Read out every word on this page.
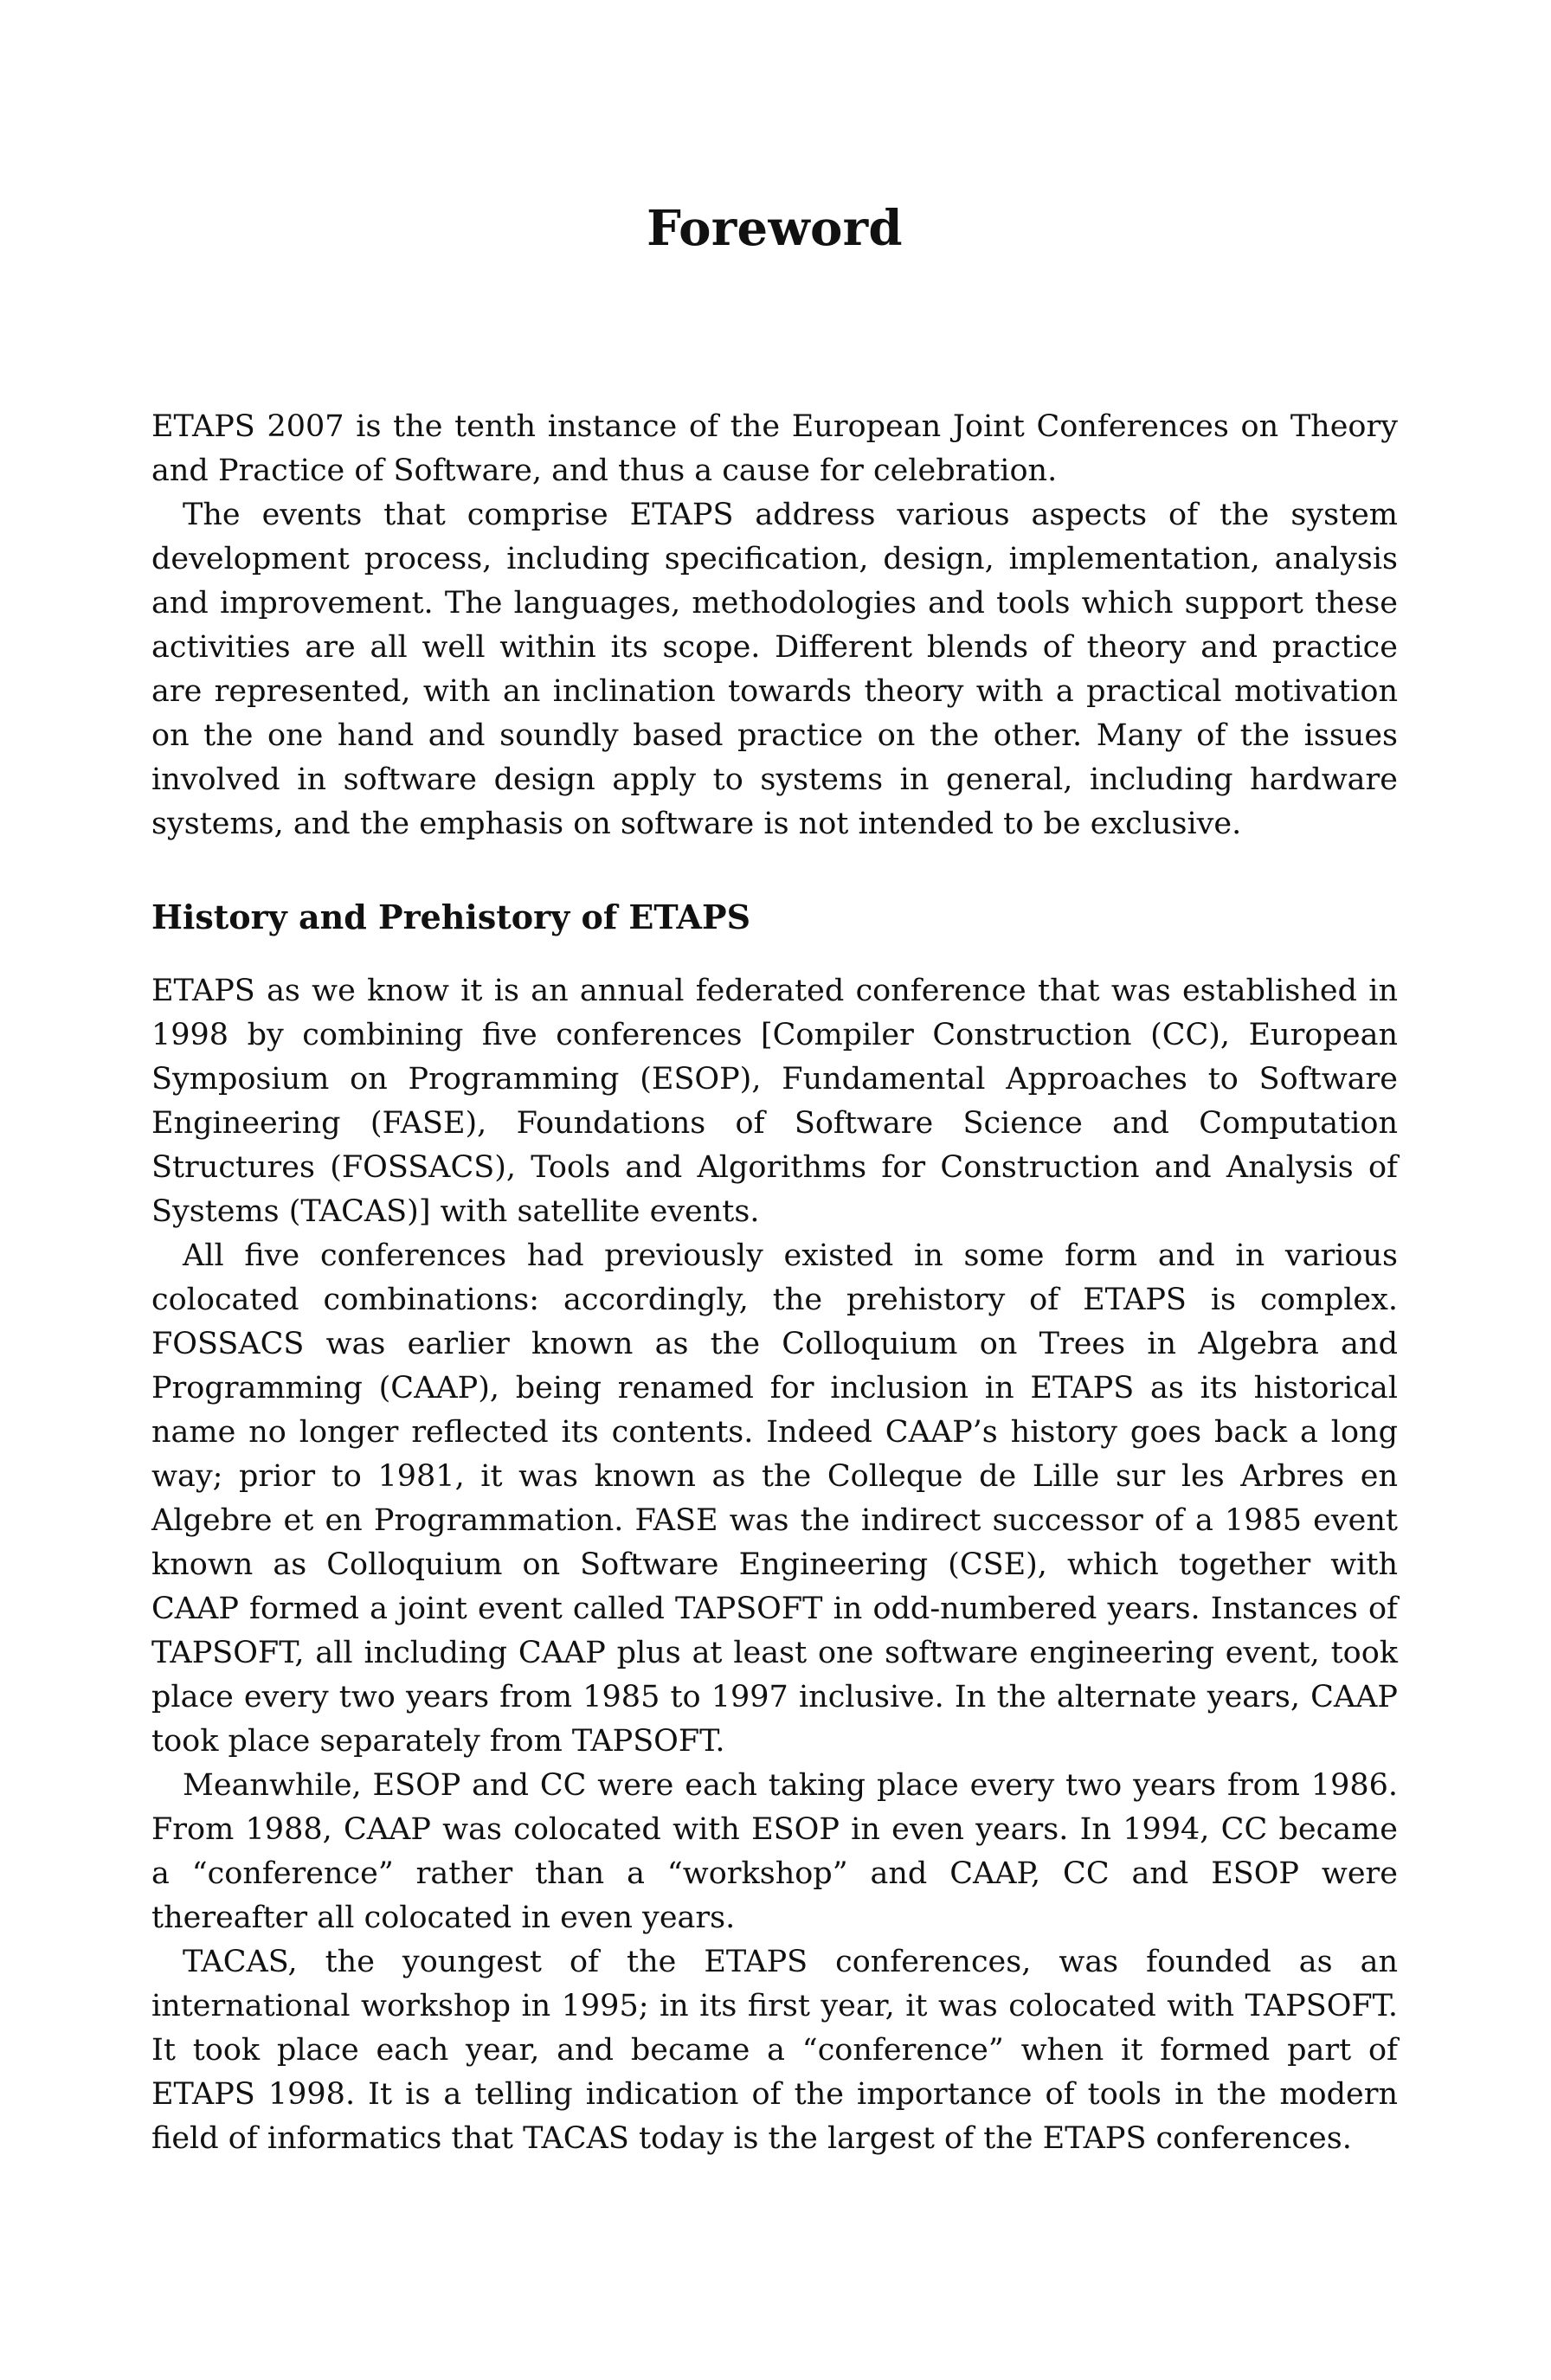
Foreword

ETAPS 2007 is the tenth instance of the European Joint Conferences on Theory and Practice of Software, and thus a cause for celebration.

The events that comprise ETAPS address various aspects of the system development process, including specification, design, implementation, analysis and improvement. The languages, methodologies and tools which support these activities are all well within its scope. Different blends of theory and practice are represented, with an inclination towards theory with a practical motivation on the one hand and soundly based practice on the other. Many of the issues involved in software design apply to systems in general, including hardware systems, and the emphasis on software is not intended to be exclusive.

History and Prehistory of ETAPS

ETAPS as we know it is an annual federated conference that was established in 1998 by combining five conferences [Compiler Construction (CC), European Symposium on Programming (ESOP), Fundamental Approaches to Software Engineering (FASE), Foundations of Software Science and Computation Structures (FOSSACS), Tools and Algorithms for Construction and Analysis of Systems (TACAS)] with satellite events.

All five conferences had previously existed in some form and in various colocated combinations: accordingly, the prehistory of ETAPS is complex. FOSSACS was earlier known as the Colloquium on Trees in Algebra and Programming (CAAP), being renamed for inclusion in ETAPS as its historical name no longer reflected its contents. Indeed CAAP’s history goes back a long way; prior to 1981, it was known as the Colleque de Lille sur les Arbres en Algebre et en Programmation. FASE was the indirect successor of a 1985 event known as Colloquium on Software Engineering (CSE), which together with CAAP formed a joint event called TAPSOFT in odd-numbered years. Instances of TAPSOFT, all including CAAP plus at least one software engineering event, took place every two years from 1985 to 1997 inclusive. In the alternate years, CAAP took place separately from TAPSOFT.

Meanwhile, ESOP and CC were each taking place every two years from 1986. From 1988, CAAP was colocated with ESOP in even years. In 1994, CC became a “conference” rather than a “workshop” and CAAP, CC and ESOP were thereafter all colocated in even years.

TACAS, the youngest of the ETAPS conferences, was founded as an international workshop in 1995; in its first year, it was colocated with TAPSOFT. It took place each year, and became a “conference” when it formed part of ETAPS 1998. It is a telling indication of the importance of tools in the modern field of informatics that TACAS today is the largest of the ETAPS conferences.
